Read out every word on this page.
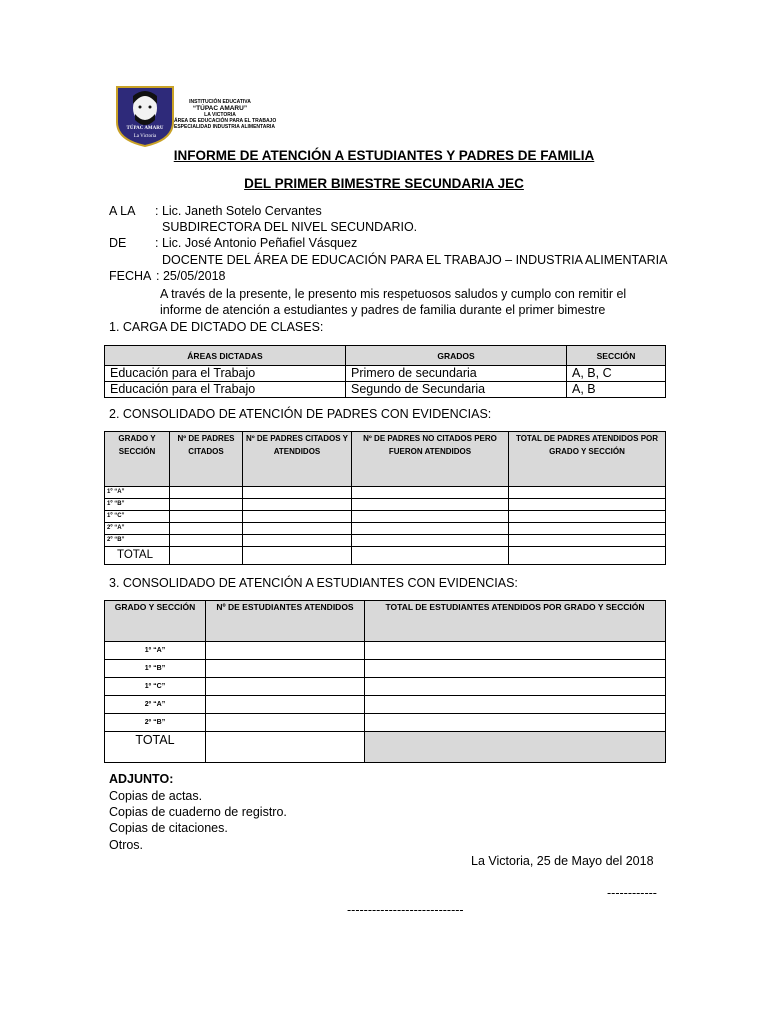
TÚPAC AMARU
La Victoria
INSTITUCIÓN EDUCATIVA
“TÚPAC AMARU”
LA VICTORIA
ÁREA DE EDUCACIÓN PARA EL TRABAJO
ESPECIALIDAD INDUSTRIA ALIMENTARIA
INFORME DE ATENCIÓN A ESTUDIANTES Y PADRES DE FAMILIA
DEL PRIMER BIMESTRE SECUNDARIA JEC
A LA : Lic. Janeth Sotelo Cervantes
SUBDIRECTORA DEL NIVEL SECUNDARIO.
DE : Lic. José Antonio Peñafiel Vásquez
DOCENTE DEL ÁREA DE EDUCACIÓN PARA EL TRABAJO – INDUSTRIA ALIMENTARIA
FECHA : 25/05/2018
A través de la presente, le presento mis respetuosos saludos y cumplo con remitir el
informe de atención a estudiantes y padres de familia durante el primer bimestre
1. CARGA DE DICTADO DE CLASES:
ÁREAS DICTADAS	GRADOS	SECCIÓN
Educación para el Trabajo	Primero de secundaria	A, B, C
Educación para el Trabajo	Segundo de Secundaria	A, B
2. CONSOLIDADO DE ATENCIÓN DE PADRES CON EVIDENCIAS:
GRADO Y SECCIÓN	Nº DE PADRES CITADOS	Nº DE PADRES CITADOS Y ATENDIDOS	Nº DE PADRES NO CITADOS PERO FUERON ATENDIDOS	TOTAL DE PADRES ATENDIDOS POR GRADO Y SECCIÓN
1º “A”				
1º “B”				
1º “C”				
2º “A”				
2º “B”				
TOTAL				
3. CONSOLIDADO DE ATENCIÓN A ESTUDIANTES CON EVIDENCIAS:
GRADO Y SECCIÓN	Nº DE ESTUDIANTES ATENDIDOS	TOTAL DE ESTUDIANTES ATENDIDOS POR GRADO Y SECCIÓN
1º “A”		
1º “B”		
1º “C”		
2º “A”		
2º “B”		
TOTAL		
ADJUNTO:
Copias de actas.
Copias de cuaderno de registro.
Copias de citaciones.
Otros.
La Victoria, 25 de Mayo del 2018
------------
----------------------------
